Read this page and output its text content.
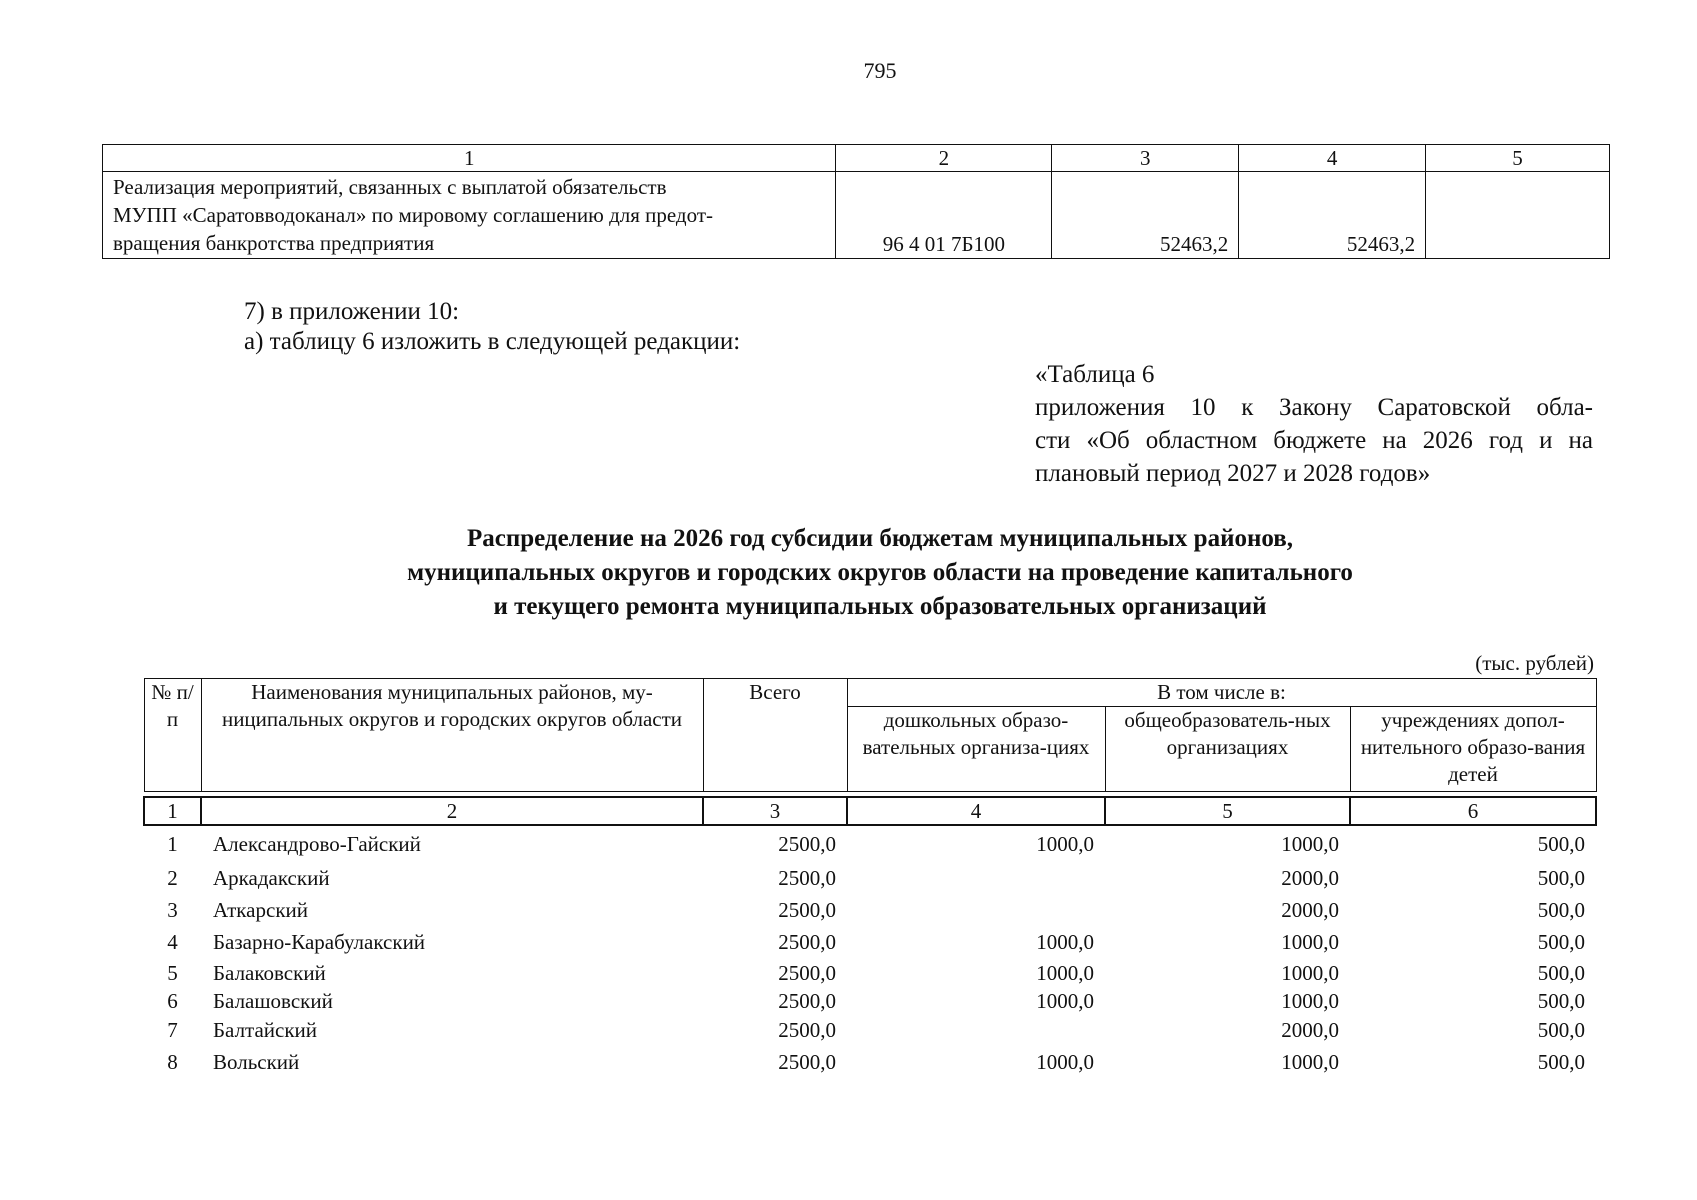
795
1	2	3	4	5
Реализация мероприятий, связанных с выплатой обязательств
МУПП «Саратовводоканал» по мировому соглашению для предот-
вращения банкротства предприятия	96 4 01 7Б100	52463,2	52463,2	
7) в приложении 10:
а) таблицу 6 изложить в следующей редакции:
«Таблица 6
приложения 10 к Закону Саратовской обла-
сти «Об областном бюджете на 2026 год и на
плановый период 2027 и 2028 годов»
Распределение на 2026 год субсидии бюджетам муниципальных районов,
муниципальных округов и городских округов области на проведение капитального
и текущего ремонта муниципальных образовательных организаций
(тыс. рублей)
№ п/п	Наименования муниципальных районов, му-ниципальных округов и городских округов области	Всего	В том числе в:		
			дошкольных образо-вательных организа-циях	общеобразователь-ных организациях	учреждениях допол-нительного образо-вания детей

1	2	3	4	5	6
1	Александрово-Гайский	2500,0	1000,0	1000,0	500,0
2	Аркадакский	2500,0		2000,0	500,0
3	Аткарский	2500,0		2000,0	500,0
4	Базарно-Карабулакский	2500,0	1000,0	1000,0	500,0
5	Балаковский	2500,0	1000,0	1000,0	500,0
6	Балашовский	2500,0	1000,0	1000,0	500,0
7	Балтайский	2500,0		2000,0	500,0
8	Вольский	2500,0	1000,0	1000,0	500,0
